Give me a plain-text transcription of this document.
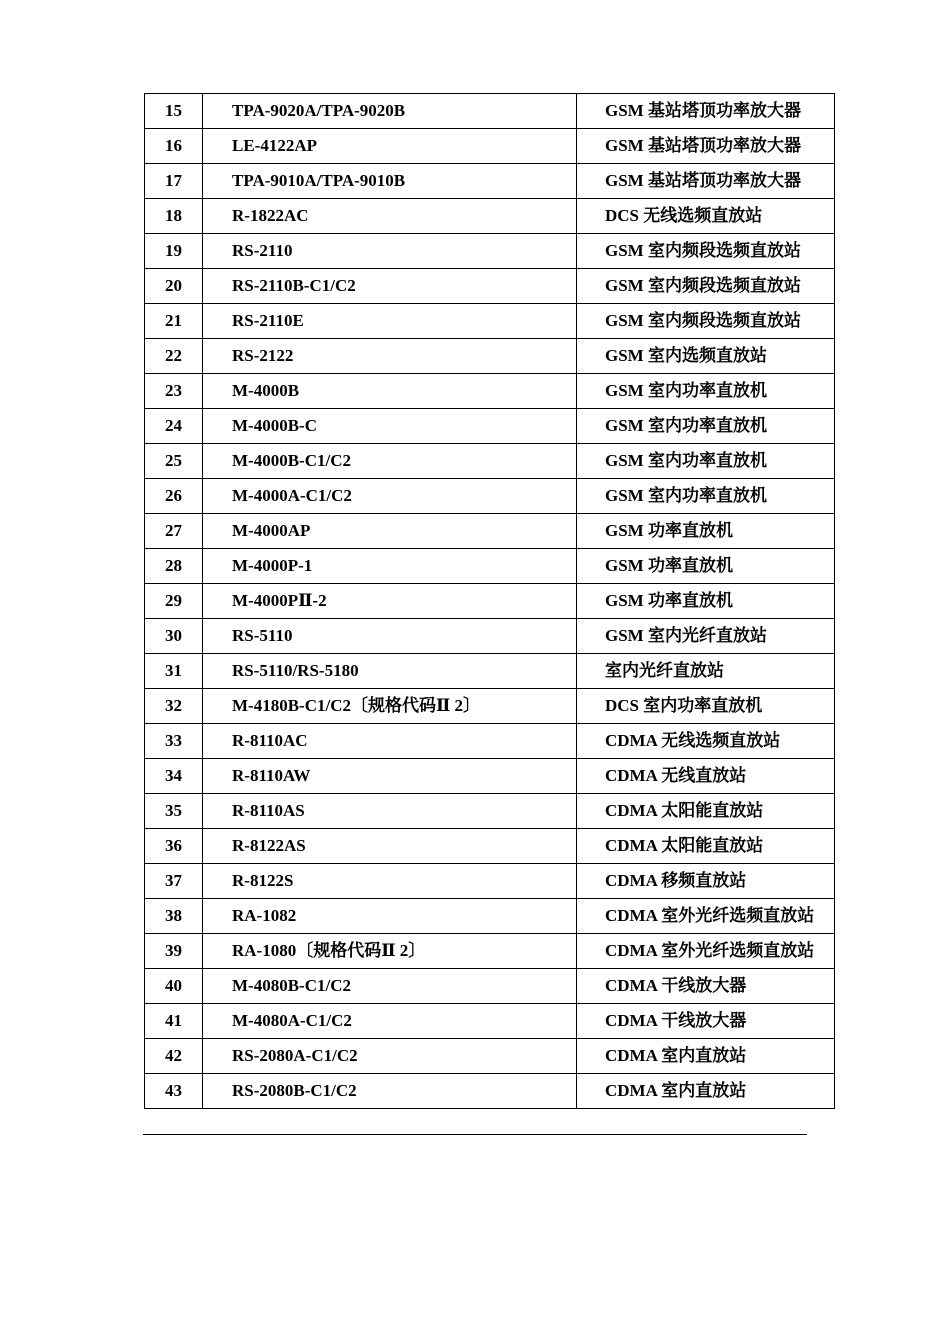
15	TPA-9020A/TPA-9020B	GSM 基站塔顶功率放大器
16	LE-4122AP	GSM 基站塔顶功率放大器
17	TPA-9010A/TPA-9010B	GSM 基站塔顶功率放大器
18	R-1822AC	DCS 无线选频直放站
19	RS-2110	GSM 室内频段选频直放站
20	RS-2110B-C1/C2	GSM 室内频段选频直放站
21	RS-2110E	GSM 室内频段选频直放站
22	RS-2122	GSM 室内选频直放站
23	M-4000B	GSM 室内功率直放机
24	M-4000B-C	GSM 室内功率直放机
25	M-4000B-C1/C2	GSM 室内功率直放机
26	M-4000A-C1/C2	GSM 室内功率直放机
27	M-4000AP	GSM 功率直放机
28	M-4000P-1	GSM 功率直放机
29	M-4000PⅡ-2	GSM 功率直放机
30	RS-5110	GSM 室内光纤直放站
31	RS-5110/RS-5180	室内光纤直放站
32	M-4180B-C1/C2〔规格代码Ⅱ 2〕	DCS 室内功率直放机
33	R-8110AC	CDMA 无线选频直放站
34	R-8110AW	CDMA 无线直放站
35	R-8110AS	CDMA 太阳能直放站
36	R-8122AS	CDMA 太阳能直放站
37	R-8122S	CDMA 移频直放站
38	RA-1082	CDMA 室外光纤选频直放站
39	RA-1080〔规格代码Ⅱ 2〕	CDMA 室外光纤选频直放站
40	M-4080B-C1/C2	CDMA 干线放大器
41	M-4080A-C1/C2	CDMA 干线放大器
42	RS-2080A-C1/C2	CDMA 室内直放站
43	RS-2080B-C1/C2	CDMA 室内直放站
